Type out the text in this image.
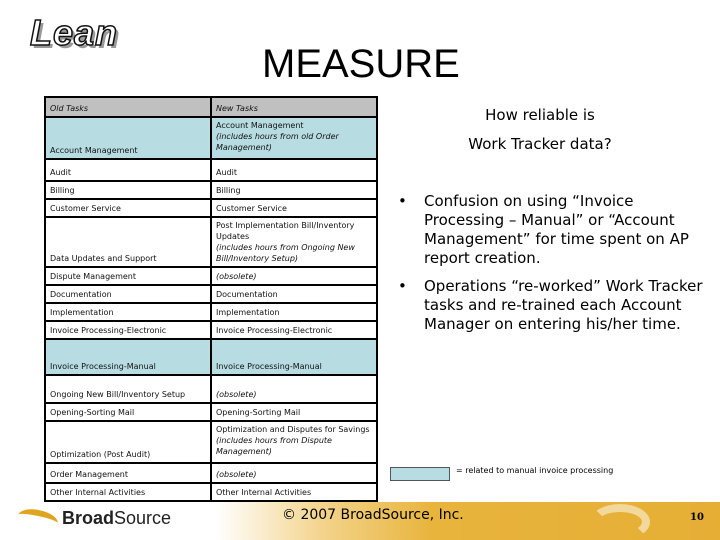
Lean
MEASURE
Old Tasks	New Tasks
Account Management	Account Management
(includes hours from old Order Management)
Audit	Audit
Billing	Billing
Customer Service	Customer Service
Data Updates and Support	Post Implementation Bill/Inventory Updates
(includes hours from Ongoing New Bill/Inventory Setup)
Dispute Management	(obsolete)
Documentation	Documentation
Implementation	Implementation
Invoice Processing-Electronic	Invoice Processing-Electronic
Invoice Processing-Manual	Invoice Processing-Manual
Ongoing New Bill/Inventory Setup	(obsolete)
Opening-Sorting Mail	Opening-Sorting Mail
Optimization (Post Audit)	Optimization and Disputes for Savings
(includes hours from Dispute Management)
Order Management	(obsolete)
Other Internal Activities	Other Internal Activities
How reliable is
Work Tracker data?
• Confusion on using “Invoice Processing – Manual” or “Account Management” for time spent on AP report creation.
• Operations “re-worked” Work Tracker tasks and re-trained each Account Manager on entering his/her time.
= related to manual invoice processing
BroadSource	© 2007 BroadSource, Inc.	10
